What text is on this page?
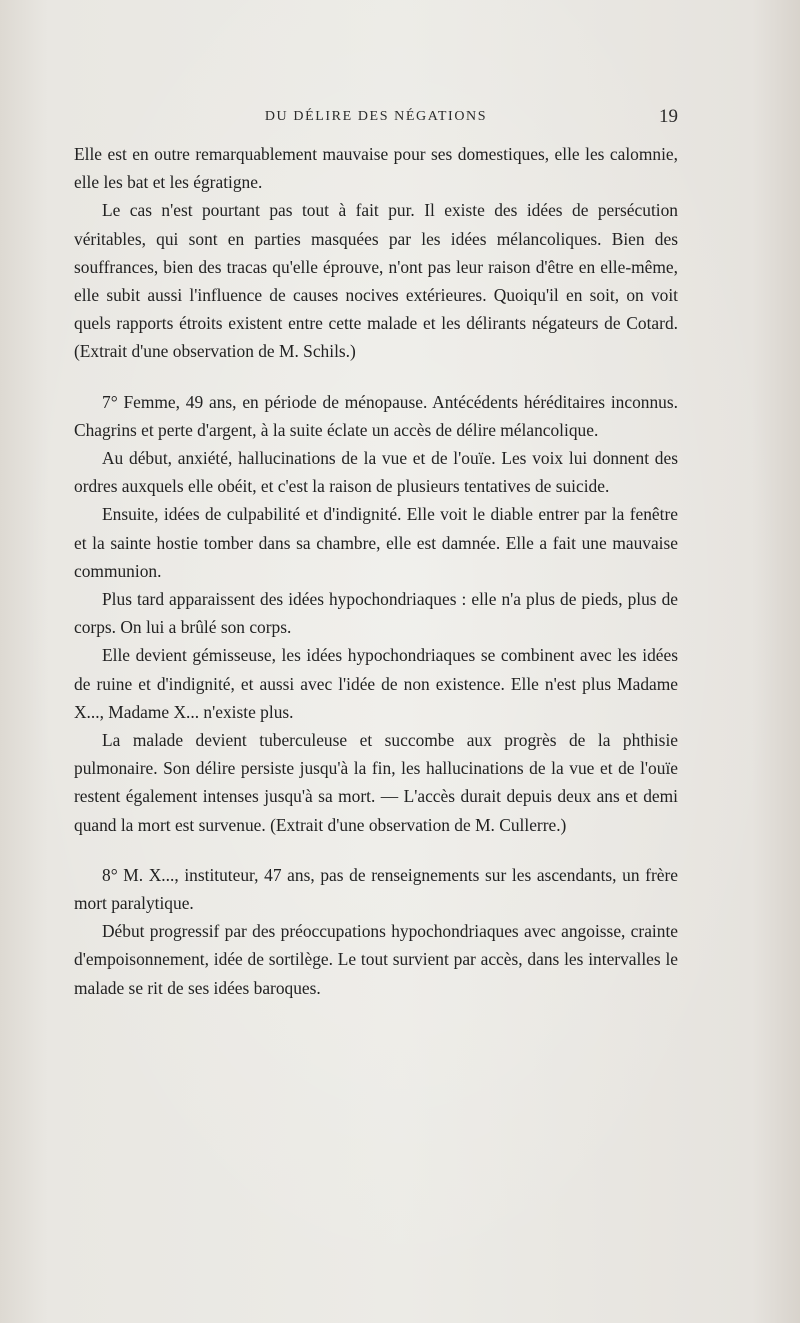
DU DÉLIRE DES NÉGATIONS	19

Elle est en outre remarquablement mauvaise pour ses domestiques, elle les calomnie, elle les bat et les égratigne.

Le cas n'est pourtant pas tout à fait pur. Il existe des idées de persécution véritables, qui sont en parties masquées par les idées mélancoliques. Bien des souffrances, bien des tracas qu'elle éprouve, n'ont pas leur raison d'être en elle-même, elle subit aussi l'influence de causes nocives extérieures. Quoiqu'il en soit, on voit quels rapports étroits existent entre cette malade et les délirants négateurs de Cotard. (Extrait d'une observation de M. Schils.)

7° Femme, 49 ans, en période de ménopause. Antécédents héréditaires inconnus. Chagrins et perte d'argent, à la suite éclate un accès de délire mélancolique.

Au début, anxiété, hallucinations de la vue et de l'ouïe. Les voix lui donnent des ordres auxquels elle obéit, et c'est la raison de plusieurs tentatives de suicide.

Ensuite, idées de culpabilité et d'indignité. Elle voit le diable entrer par la fenêtre et la sainte hostie tomber dans sa chambre, elle est damnée. Elle a fait une mauvaise communion.

Plus tard apparaissent des idées hypochondriaques : elle n'a plus de pieds, plus de corps. On lui a brûlé son corps.

Elle devient gémisseuse, les idées hypochondriaques se combinent avec les idées de ruine et d'indignité, et aussi avec l'idée de non existence. Elle n'est plus Madame X..., Madame X... n'existe plus.

La malade devient tuberculeuse et succombe aux progrès de la phthisie pulmonaire. Son délire persiste jusqu'à la fin, les hallucinations de la vue et de l'ouïe restent également intenses jusqu'à sa mort. — L'accès durait depuis deux ans et demi quand la mort est survenue. (Extrait d'une observation de M. Cullerre.)

8° M. X..., instituteur, 47 ans, pas de renseignements sur les ascendants, un frère mort paralytique.

Début progressif par des préoccupations hypochondriaques avec angoisse, crainte d'empoisonnement, idée de sortilège. Le tout survient par accès, dans les intervalles le malade se rit de ses idées baroques.
